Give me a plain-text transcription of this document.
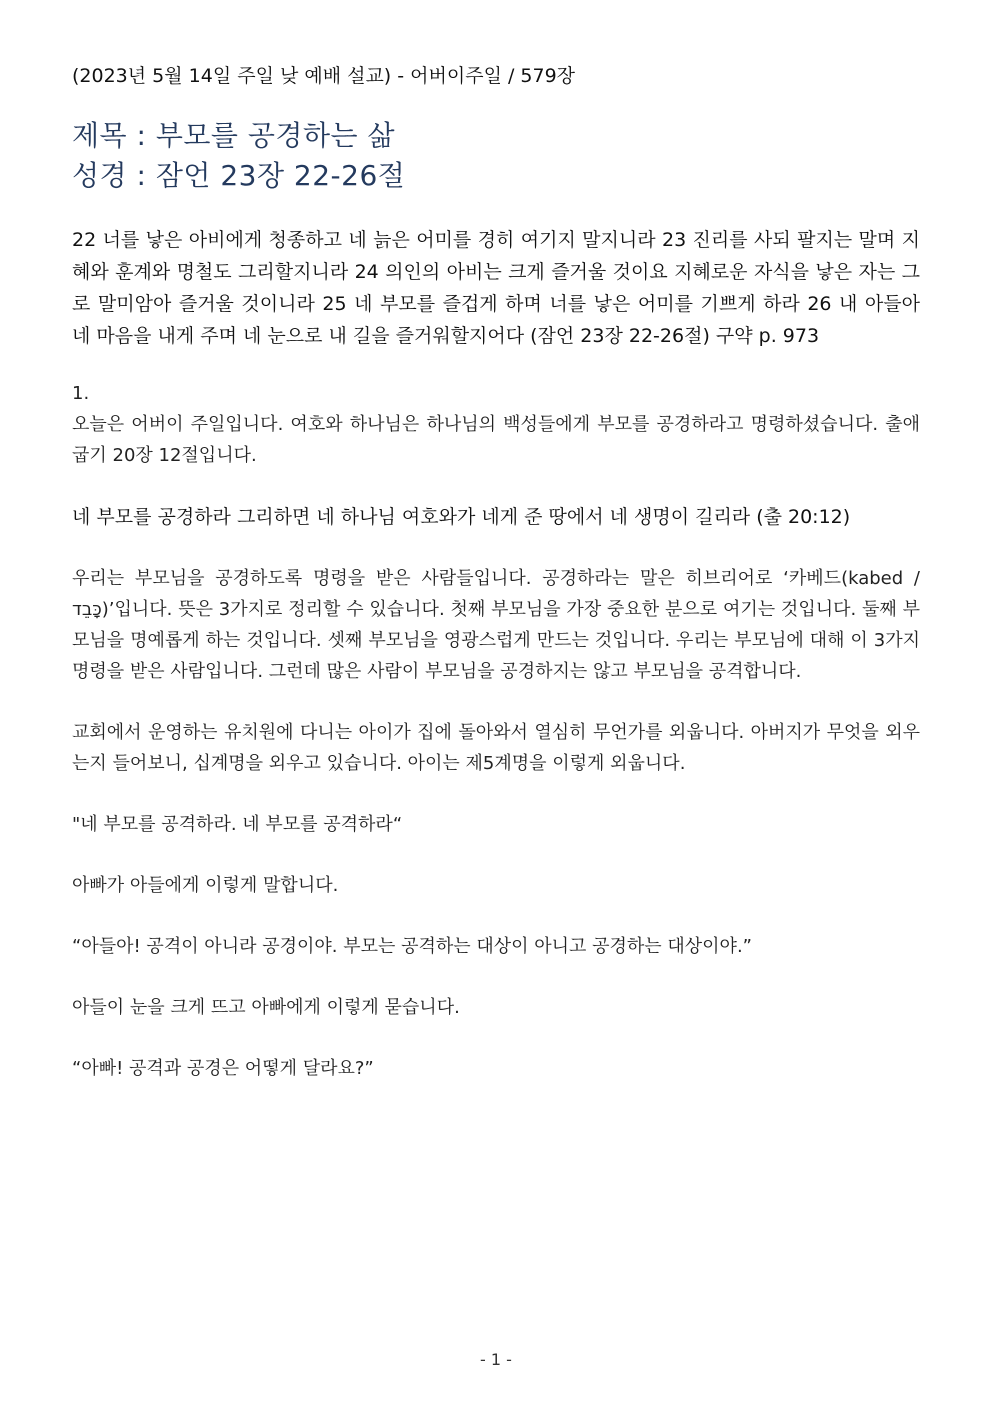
(2023년 5월 14일 주일 낮 예배 설교) - 어버이주일 / 579장

제목 : 부모를 공경하는 삶

성경 : 잠언 23장 22-26절

22 너를 낳은 아비에게 청종하고 네 늙은 어미를 경히 여기지 말지니라 23 진리를 사되 팔지는 말며 지혜와 훈계와 명철도 그리할지니라 24 의인의 아비는 크게 즐거울 것이요 지혜로운 자식을 낳은 자는 그로 말미암아 즐거울 것이니라 25 네 부모를 즐겁게 하며 너를 낳은 어미를 기쁘게 하라 26 내 아들아 네 마음을 내게 주며 네 눈으로 내 길을 즐거워할지어다 (잠언 23장 22-26절) 구약 p. 973

1.

오늘은 어버이 주일입니다. 여호와 하나님은 하나님의 백성들에게 부모를 공경하라고 명령하셨습니다. 출애굽기 20장 12절입니다.

네 부모를 공경하라 그리하면 네 하나님 여호와가 네게 준 땅에서 네 생명이 길리라 (출 20:12)

우리는 부모님을 공경하도록 명령을 받은 사람들입니다. 공경하라는 말은 히브리어로 ‘카베드(kabed / כָּבֵד)’입니다. 뜻은 3가지로 정리할 수 있습니다. 첫째 부모님을 가장 중요한 분으로 여기는 것입니다. 둘째 부모님을 명예롭게 하는 것입니다. 셋째 부모님을 영광스럽게 만드는 것입니다. 우리는 부모님에 대해 이 3가지 명령을 받은 사람입니다. 그런데 많은 사람이 부모님을 공경하지는 않고 부모님을 공격합니다.

교회에서 운영하는 유치원에 다니는 아이가 집에 돌아와서 열심히 무언가를 외웁니다. 아버지가 무엇을 외우는지 들어보니, 십계명을 외우고 있습니다. 아이는 제5계명을 이렇게 외웁니다.

"네 부모를 공격하라. 네 부모를 공격하라“

아빠가 아들에게 이렇게 말합니다.

“아들아! 공격이 아니라 공경이야. 부모는 공격하는 대상이 아니고 공경하는 대상이야.”

아들이 눈을 크게 뜨고 아빠에게 이렇게 묻습니다.

“아빠! 공격과 공경은 어떻게 달라요?”

- 1 -
